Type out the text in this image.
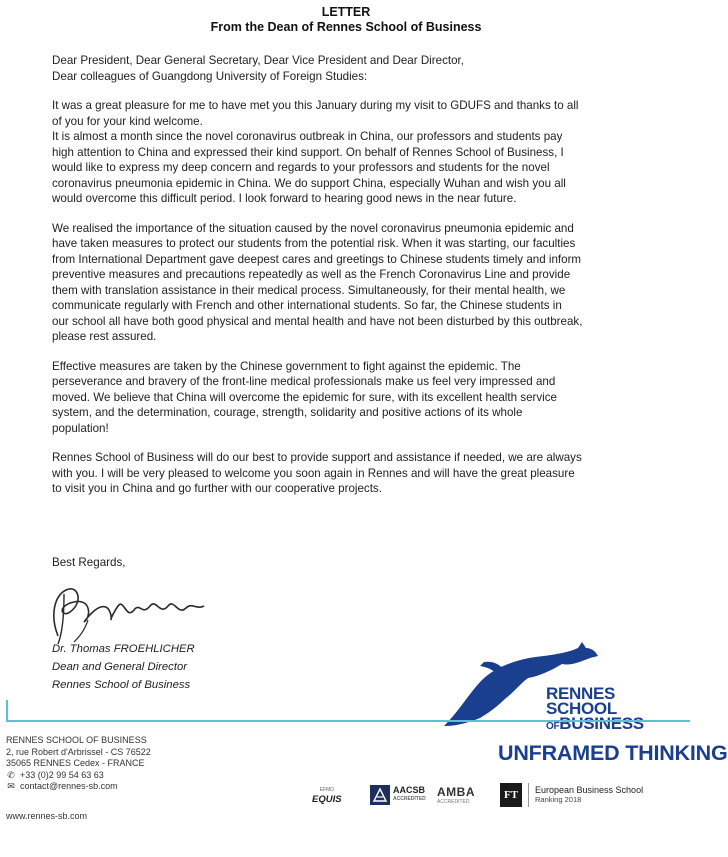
LETTER
From the Dean of Rennes School of Business

Dear President, Dear General Secretary, Dear Vice President and Dear Director,
Dear colleagues of Guangdong University of Foreign Studies:

It was a great pleasure for me to have met you this January during my visit to GDUFS and thanks to all
of you for your kind welcome.

It is almost a month since the novel coronavirus outbreak in China, our professors and students pay
high attention to China and expressed their kind support. On behalf of Rennes School of Business, I
would like to express my deep concern and regards to your professors and students for the novel
coronavirus pneumonia epidemic in China. We do support China, especially Wuhan and wish you all
would overcome this difficult period. I look forward to hearing good news in the near future.

We realised the importance of the situation caused by the novel coronavirus pneumonia epidemic and
have taken measures to protect our students from the potential risk. When it was starting, our faculties
from International Department gave deepest cares and greetings to Chinese students timely and inform
preventive measures and precautions repeatedly as well as the French Coronavirus Line and provide
them with translation assistance in their medical process. Simultaneously, for their mental health, we
communicate regularly with French and other international students. So far, the Chinese students in
our school all have both good physical and mental health and have not been disturbed by this outbreak,
please rest assured.

Effective measures are taken by the Chinese government to fight against the epidemic. The
perseverance and bravery of the front-line medical professionals make us feel very impressed and
moved. We believe that China will overcome the epidemic for sure, with its excellent health service
system, and the determination, courage, strength, solidarity and positive actions of its whole
population!

Rennes School of Business will do our best to provide support and assistance if needed, we are always
with you. I will be very pleased to welcome you soon again in Rennes and will have the great pleasure
to visit you in China and go further with our cooperative projects.

Best Regards,
Dr. Thomas FROEHLICHER
Dean and General Director
Rennes School of Business	RENNES
SCHOOL
OFBUSINESS
UNFRAMED THINKING
RENNES SCHOOL OF BUSINESS
2, rue Robert d'Arbrissel - CS 76522
35065 RENNES Cedex - FRANCE
✆ +33 (0)2 99 54 63 63
✉ contact@rennes-sb.com
www.rennes-sb.com
EFMD
EQUIS
AACSB
ACCREDITED AMBA
ACCREDITED
FT	European Business School
Ranking 2018
